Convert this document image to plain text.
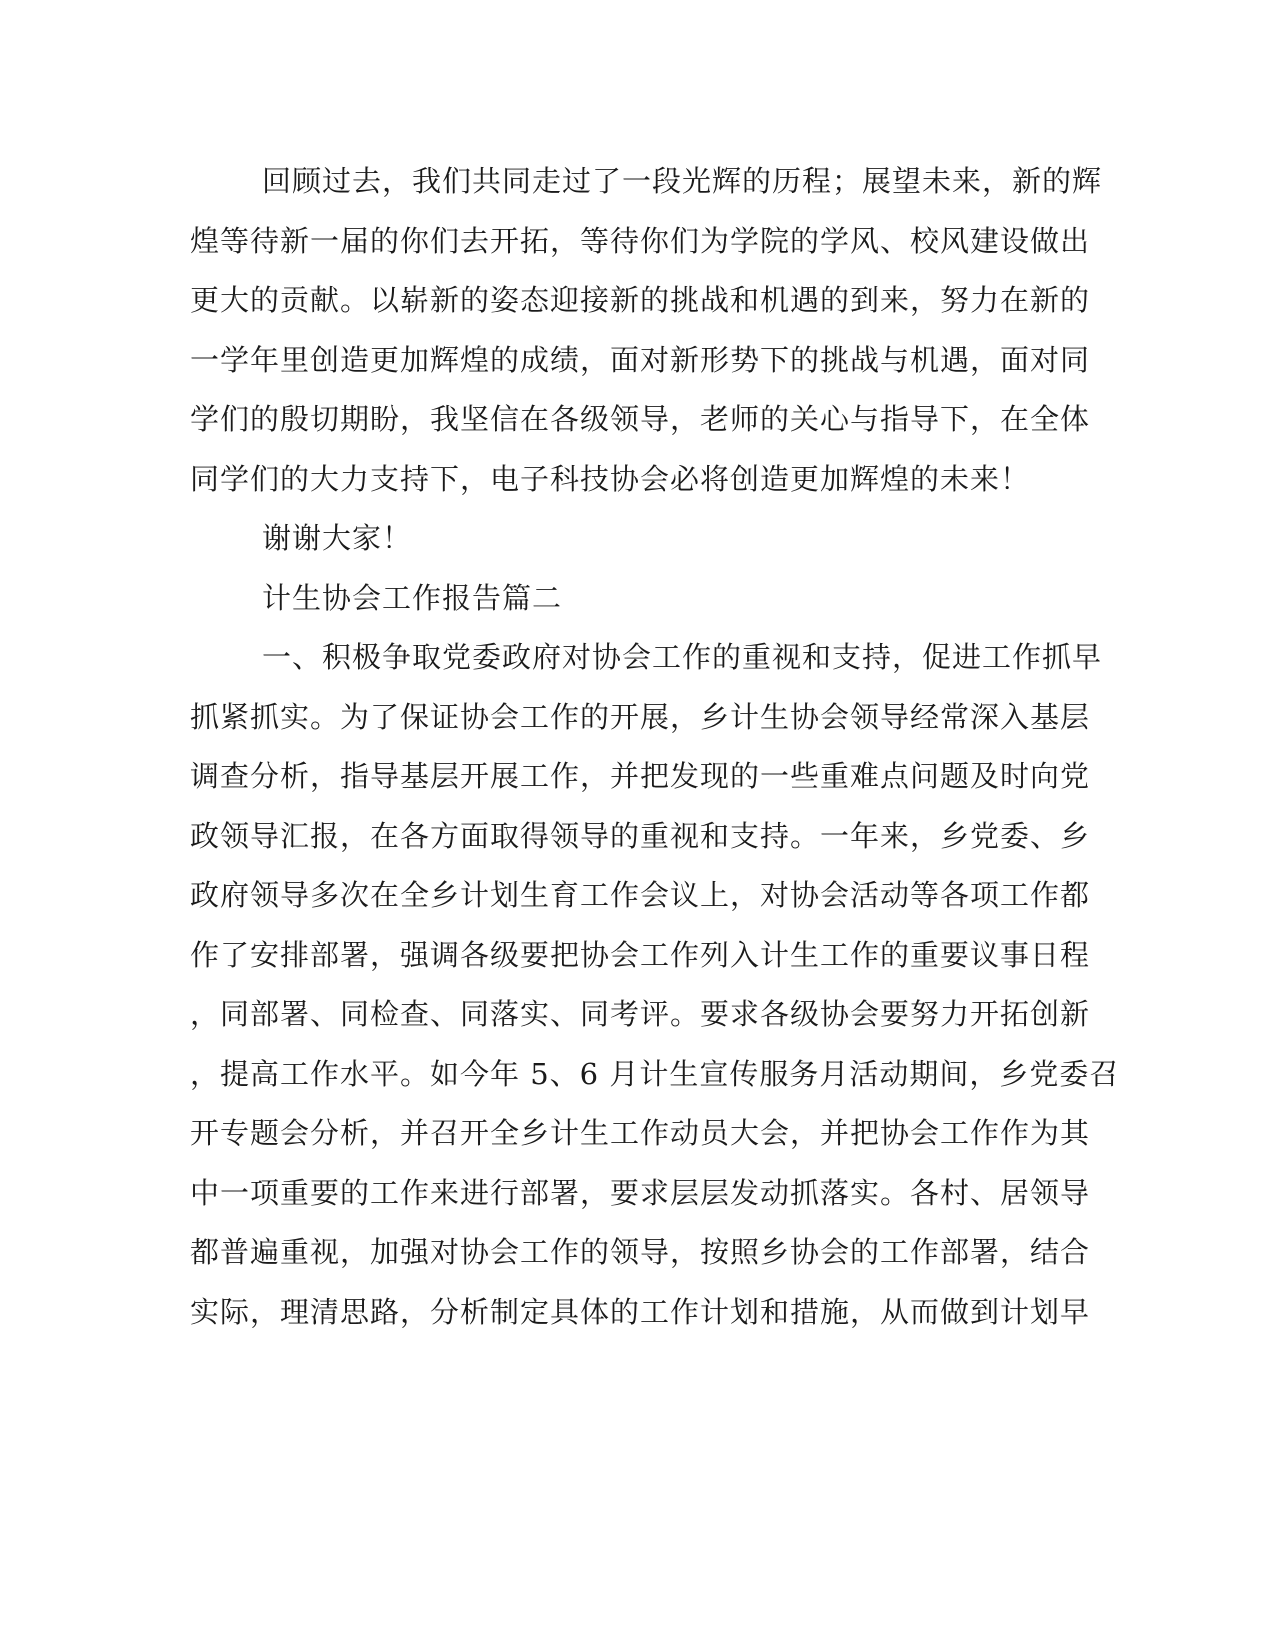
回顾过去，我们共同走过了一段光辉的历程；展望未来，新的辉
煌等待新一届的你们去开拓，等待你们为学院的学风、校风建设做出
更大的贡献。以崭新的姿态迎接新的挑战和机遇的到来，努力在新的
一学年里创造更加辉煌的成绩，面对新形势下的挑战与机遇，面对同
学们的殷切期盼，我坚信在各级领导，老师的关心与指导下，在全体
同学们的大力支持下，电子科技协会必将创造更加辉煌的未来！
谢谢大家！
计生协会工作报告篇二
一、积极争取党委政府对协会工作的重视和支持，促进工作抓早
抓紧抓实。为了保证协会工作的开展，乡计生协会领导经常深入基层
调查分析，指导基层开展工作，并把发现的一些重难点问题及时向党
政领导汇报，在各方面取得领导的重视和支持。一年来，乡党委、乡
政府领导多次在全乡计划生育工作会议上，对协会活动等各项工作都
作了安排部署，强调各级要把协会工作列入计生工作的重要议事日程
，同部署、同检查、同落实、同考评。要求各级协会要努力开拓创新
，提高工作水平。如今年 5、6 月计生宣传服务月活动期间，乡党委召
开专题会分析，并召开全乡计生工作动员大会，并把协会工作作为其
中一项重要的工作来进行部署，要求层层发动抓落实。各村、居领导
都普遍重视，加强对协会工作的领导，按照乡协会的工作部署，结合
实际，理清思路，分析制定具体的工作计划和措施，从而做到计划早
